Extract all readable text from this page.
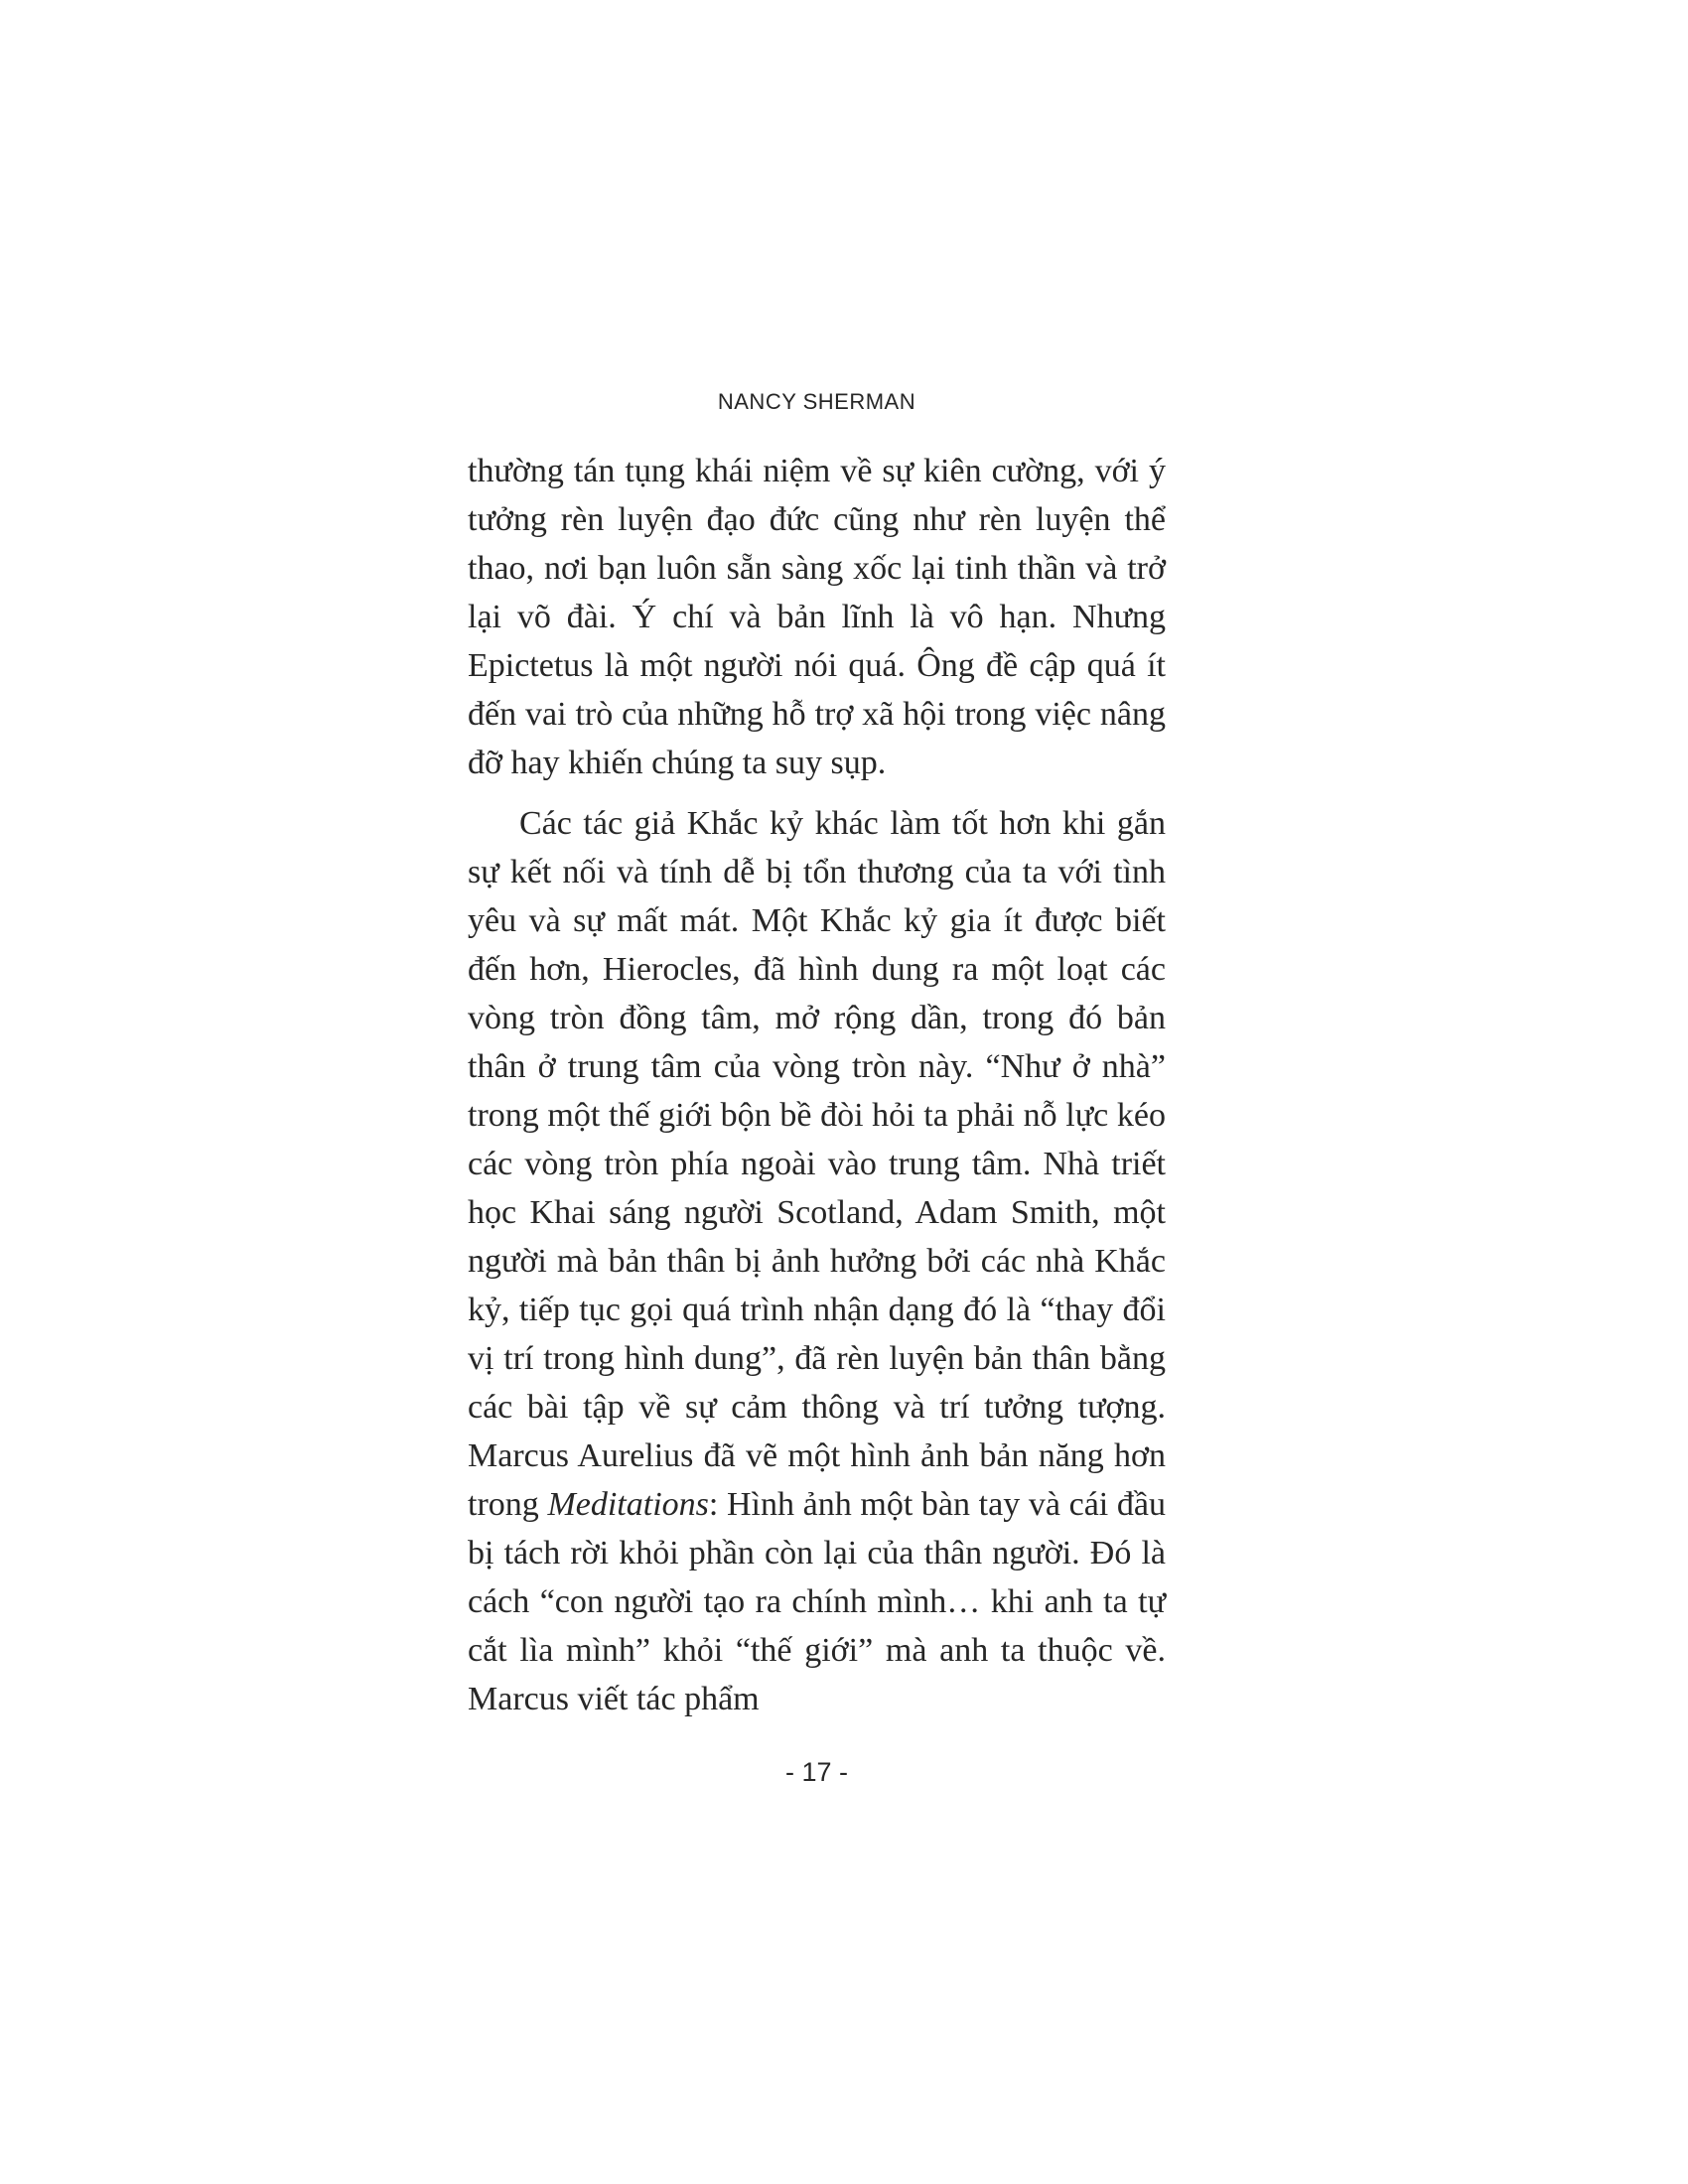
NANCY SHERMAN

thường tán tụng khái niệm về sự kiên cường, với ý tưởng rèn luyện đạo đức cũng như rèn luyện thể thao, nơi bạn luôn sẵn sàng xốc lại tinh thần và trở lại võ đài. Ý chí và bản lĩnh là vô hạn. Nhưng Epictetus là một người nói quá. Ông đề cập quá ít đến vai trò của những hỗ trợ xã hội trong việc nâng đỡ hay khiến chúng ta suy sụp.

Các tác giả Khắc kỷ khác làm tốt hơn khi gắn sự kết nối và tính dễ bị tổn thương của ta với tình yêu và sự mất mát. Một Khắc kỷ gia ít được biết đến hơn, Hierocles, đã hình dung ra một loạt các vòng tròn đồng tâm, mở rộng dần, trong đó bản thân ở trung tâm của vòng tròn này. “Như ở nhà” trong một thế giới bộn bề đòi hỏi ta phải nỗ lực kéo các vòng tròn phía ngoài vào trung tâm. Nhà triết học Khai sáng người Scotland, Adam Smith, một người mà bản thân bị ảnh hưởng bởi các nhà Khắc kỷ, tiếp tục gọi quá trình nhận dạng đó là “thay đổi vị trí trong hình dung”, đã rèn luyện bản thân bằng các bài tập về sự cảm thông và trí tưởng tượng. Marcus Aurelius đã vẽ một hình ảnh bản năng hơn trong Meditations: Hình ảnh một bàn tay và cái đầu bị tách rời khỏi phần còn lại của thân người. Đó là cách “con người tạo ra chính mình… khi anh ta tự cắt lìa mình” khỏi “thế giới” mà anh ta thuộc về. Marcus viết tác phẩm

- 17 -
